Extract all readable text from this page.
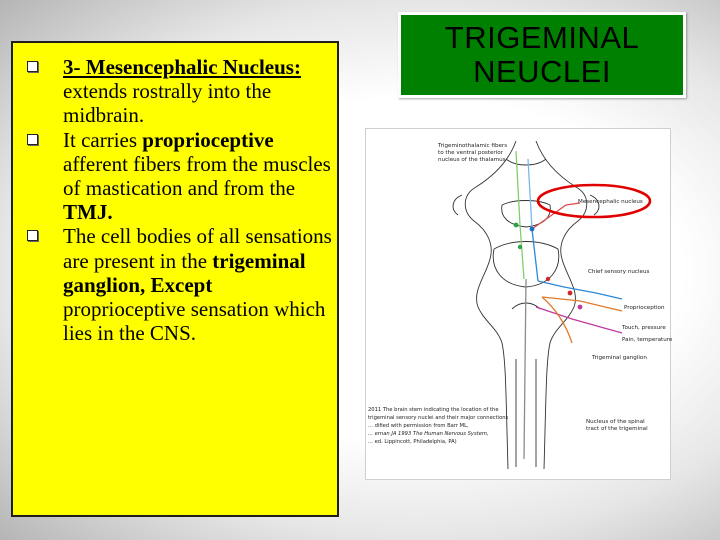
3- Mesencephalic Nucleus: extends rostrally into the midbrain.
It carries proprioceptive afferent fibers from the muscles of mastication and from the TMJ.
The cell bodies of all sensations are present in the trigeminal ganglion, Except proprioceptive sensation which lies in the CNS.
TRIGEMINAL
NEUCLEI
Trigeminothalamic fibers
to the ventral posterior
nucleus of the thalamus
Mesencephalic nucleus
Chief sensory nucleus
Proprioception
Touch, pressure
Pain, temperature
Trigeminal ganglion
Nucleus of the spinal
tract of the trigeminal
2011 The brain stem indicating the location of the
trigeminal sensory nuclei and their major connections
... dified with permission from Barr ML,
... ernan JA 1993 The Human Nervous System,
... ed. Lippincott, Philadelphia, PA)
